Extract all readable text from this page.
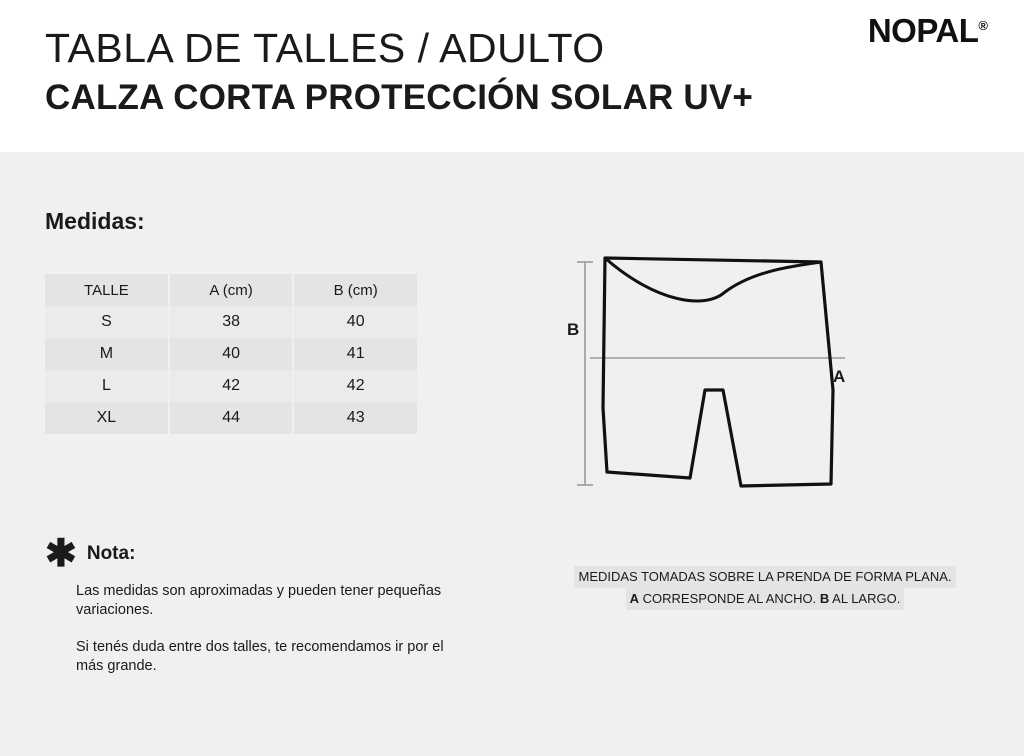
TABLA DE TALLES / ADULTO
CALZA CORTA PROTECCIÓN SOLAR UV+
NOPAL®
Medidas:
TALLE	A (cm)	B (cm)
S	38	40
M	40	41
L	42	42
XL	44	43
✱ Nota:

Las medidas son aproximadas y pueden tener pequeñas variaciones.

Si tenés duda entre dos talles, te recomendamos ir por el más grande.

B
A
MEDIDAS TOMADAS SOBRE LA PRENDA DE FORMA PLANA.
A CORRESPONDE AL ANCHO. B AL LARGO.
